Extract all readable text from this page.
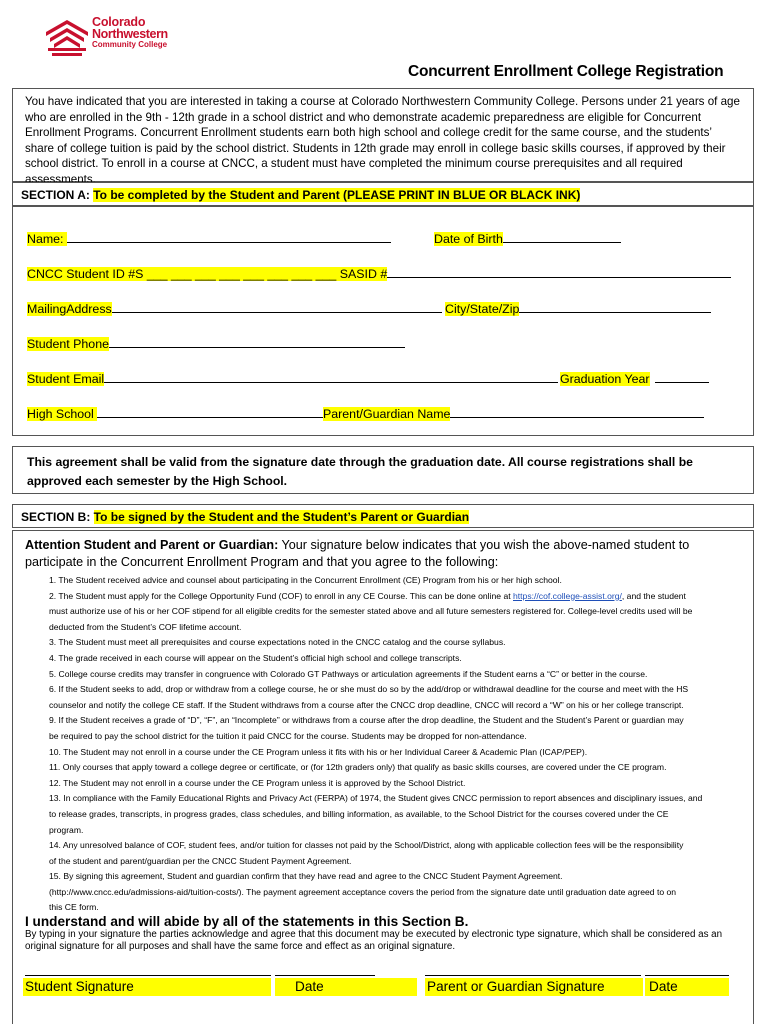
Colorado
Northwestern
Community College
Concurrent Enrollment College Registration
You have indicated that you are interested in taking a course at Colorado Northwestern Community College. Persons under 21 years of age who are enrolled in the 9th - 12th grade in a school district and who demonstrate academic preparedness are eligible for Concurrent Enrollment Programs. Concurrent Enrollment students earn both high school and college credit for the same course, and the students’ share of college tuition is paid by the school district. Students in 12th grade may enroll in college basic skills courses, if approved by their school district. To enroll in a course at CNCC, a student must have completed the minimum course prerequisites and all required assessments.
SECTION A: To be completed by the Student and Parent (PLEASE PRINT IN BLUE OR BLACK INK)
Name:	Date of Birth
CNCC Student ID #S ___ ___ ___ ___ ___ ___ ___ ___ SASID #
MailingAddress	City/State/Zip
Student Phone
Student Email	Graduation Year
High School	Parent/Guardian Name
This agreement shall be valid from the signature date through the graduation date. All course registrations shall be approved each semester by the High School.
SECTION B: To be signed by the Student and the Student’s Parent or Guardian
Attention Student and Parent or Guardian: Your signature below indicates that you wish the above-named student to participate in the Concurrent Enrollment Program and that you agree to the following:
1. The Student received advice and counsel about participating in the Concurrent Enrollment (CE) Program from his or her high school.
2. The Student must apply for the College Opportunity Fund (COF) to enroll in any CE Course. This can be done online at https://cof.college-assist.org/, and the student
must authorize use of his or her COF stipend for all eligible credits for the semester stated above and all future semesters registered for. College-level credits used will be
deducted from the Student’s COF lifetime account.
3. The Student must meet all prerequisites and course expectations noted in the CNCC catalog and the course syllabus.
4. The grade received in each course will appear on the Student’s official high school and college transcripts.
5. College course credits may transfer in congruence with Colorado GT Pathways or articulation agreements if the Student earns a “C” or better in the course.
6. If the Student seeks to add, drop or withdraw from a college course, he or she must do so by the add/drop or withdrawal deadline for the course and meet with the HS
counselor and notify the college CE staff. If the Student withdraws from a course after the CNCC drop deadline, CNCC will record a “W” on his or her college transcript.
9. If the Student receives a grade of “D”, “F”, an “Incomplete” or withdraws from a course after the drop deadline, the Student and the Student’s Parent or guardian may
be required to pay the school district for the tuition it paid CNCC for the course. Students may be dropped for non-attendance.
10. The Student may not enroll in a course under the CE Program unless it fits with his or her Individual Career & Academic Plan (ICAP/PEP).
11. Only courses that apply toward a college degree or certificate, or (for 12th graders only) that qualify as basic skills courses, are covered under the CE program.
12. The Student may not enroll in a course under the CE Program unless it is approved by the School District.
13. In compliance with the Family Educational Rights and Privacy Act (FERPA) of 1974, the Student gives CNCC permission to report absences and disciplinary issues, and
to release grades, transcripts, in progress grades, class schedules, and billing information, as available, to the School District for the courses covered under the CE
program.
14. Any unresolved balance of COF, student fees, and/or tuition for classes not paid by the School/District, along with applicable collection fees will be the responsibility
of the student and parent/guardian per the CNCC Student Payment Agreement.
15. By signing this agreement, Student and guardian confirm that they have read and agree to the CNCC Student Payment Agreement.
(http://www.cncc.edu/admissions-aid/tuition-costs/). The payment agreement acceptance covers the period from the signature date until graduation date agreed to on
this CE form.
I understand and will abide by all of the statements in this Section B.
By typing in your signature the parties acknowledge and agree that this document may be executed by electronic type signature, which shall be considered as an original signature for all purposes and shall have the same force and effect as an original signature.
Student Signature	Date	Parent or Guardian Signature	Date
